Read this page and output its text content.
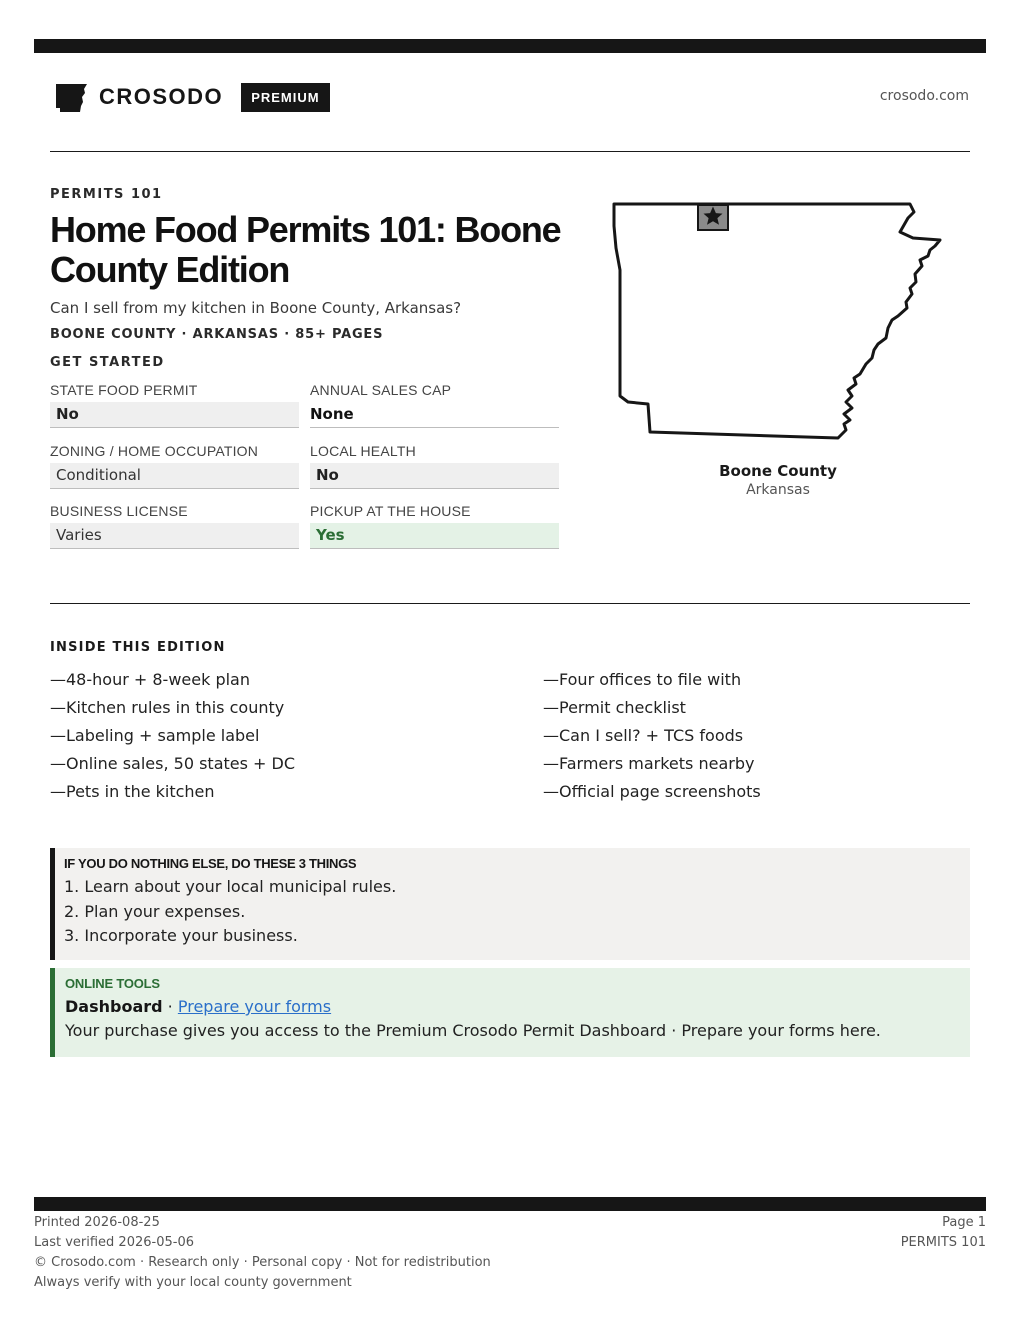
CROSODO	PREMIUM	crosodo.com
PERMITS 101
Home Food Permits 101: Boone County Edition
Can I sell from my kitchen in Boone County, Arkansas?
BOONE COUNTY · ARKANSAS · 85+ PAGES
GET STARTED
STATE FOOD PERMIT
No
ANNUAL SALES CAP
None
ZONING / HOME OCCUPATION
Conditional
LOCAL HEALTH
No
BUSINESS LICENSE
Varies
PICKUP AT THE HOUSE
Yes
Boone County
Arkansas
INSIDE THIS EDITION
—48-hour + 8-week plan
—Kitchen rules in this county
—Labeling + sample label
—Online sales, 50 states + DC
—Pets in the kitchen
—Four offices to file with
—Permit checklist
—Can I sell? + TCS foods
—Farmers markets nearby
—Official page screenshots
IF YOU DO NOTHING ELSE, DO THESE 3 THINGS
1. Learn about your local municipal rules.
2. Plan your expenses.
3. Incorporate your business.
ONLINE TOOLS
Dashboard · Prepare your forms
Your purchase gives you access to the Premium Crosodo Permit Dashboard · Prepare your forms here.
Printed 2026-08-25
Last verified 2026-05-06
© Crosodo.com · Research only · Personal copy · Not for redistribution
Always verify with your local county government
Page 1
PERMITS 101
